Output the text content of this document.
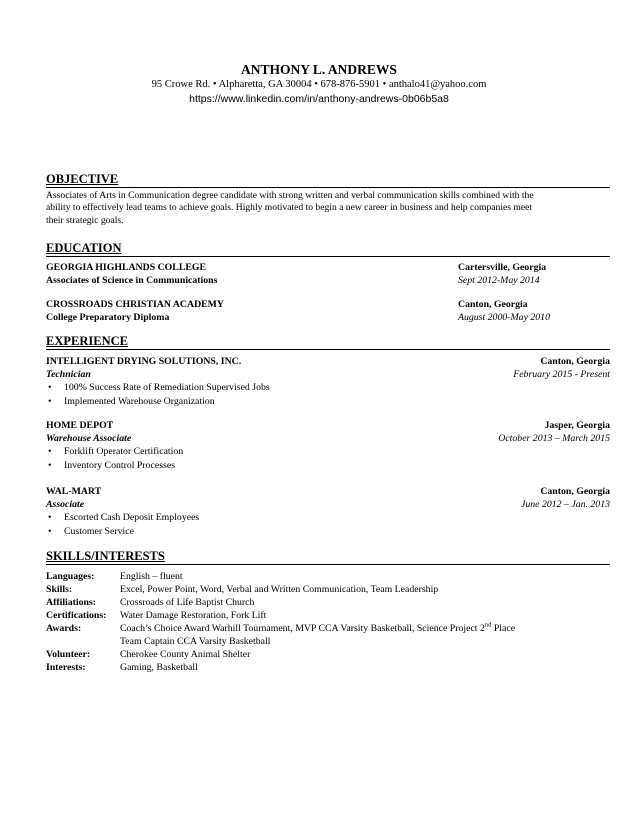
ANTHONY L. ANDREWS
95 Crowe Rd. • Alpharetta, GA 30004 • 678-876-5901 • anthalo41@yahoo.com
https://www.linkedin.com/in/anthony-andrews-0b06b5a8
OBJECTIVE
Associates of Arts in Communication degree candidate with strong written and verbal communication skills combined with the
ability to effectively lead teams to achieve goals. Highly motivated to begin a new career in business and help companies meet
their strategic goals.
EDUCATION
GEORGIA HIGHLANDS COLLEGE	Cartersville, Georgia
Associates of Science in Communications	Sept 2012-May 2014
CROSSROADS CHRISTIAN ACADEMY	Canton, Georgia
College Preparatory Diploma	August 2000-May 2010
EXPERIENCE
INTELLIGENT DRYING SOLUTIONS, INC.	Canton, Georgia
Technician	February 2015 - Present
• 100% Success Rate of Remediation Supervised Jobs
• Implemented Warehouse Organization
HOME DEPOT	Jasper, Georgia
Warehouse Associate	October 2013 – March 2015
• Forklift Operator Certification
• Inventory Control Processes
WAL-MART	Canton, Georgia
Associate	June 2012 – Jan. 2013
• Escorted Cash Deposit Employees
• Customer Service
SKILLS/INTERESTS
Languages:	English – fluent
Skills:	Excel, Power Point, Word, Verbal and Written Communication, Team Leadership
Affiliations: Crossroads of Life Baptist Church
Certifications: Water Damage Restoration, Fork Lift
Awards:	Coach’s Choice Award Warhill Tournament, MVP CCA Varsity Basketball, Science Project 2nd Place
Team Captain CCA Varsity Basketball
Volunteer:	Cherokee County Animal Shelter
Interests:	Gaming, Basketball
